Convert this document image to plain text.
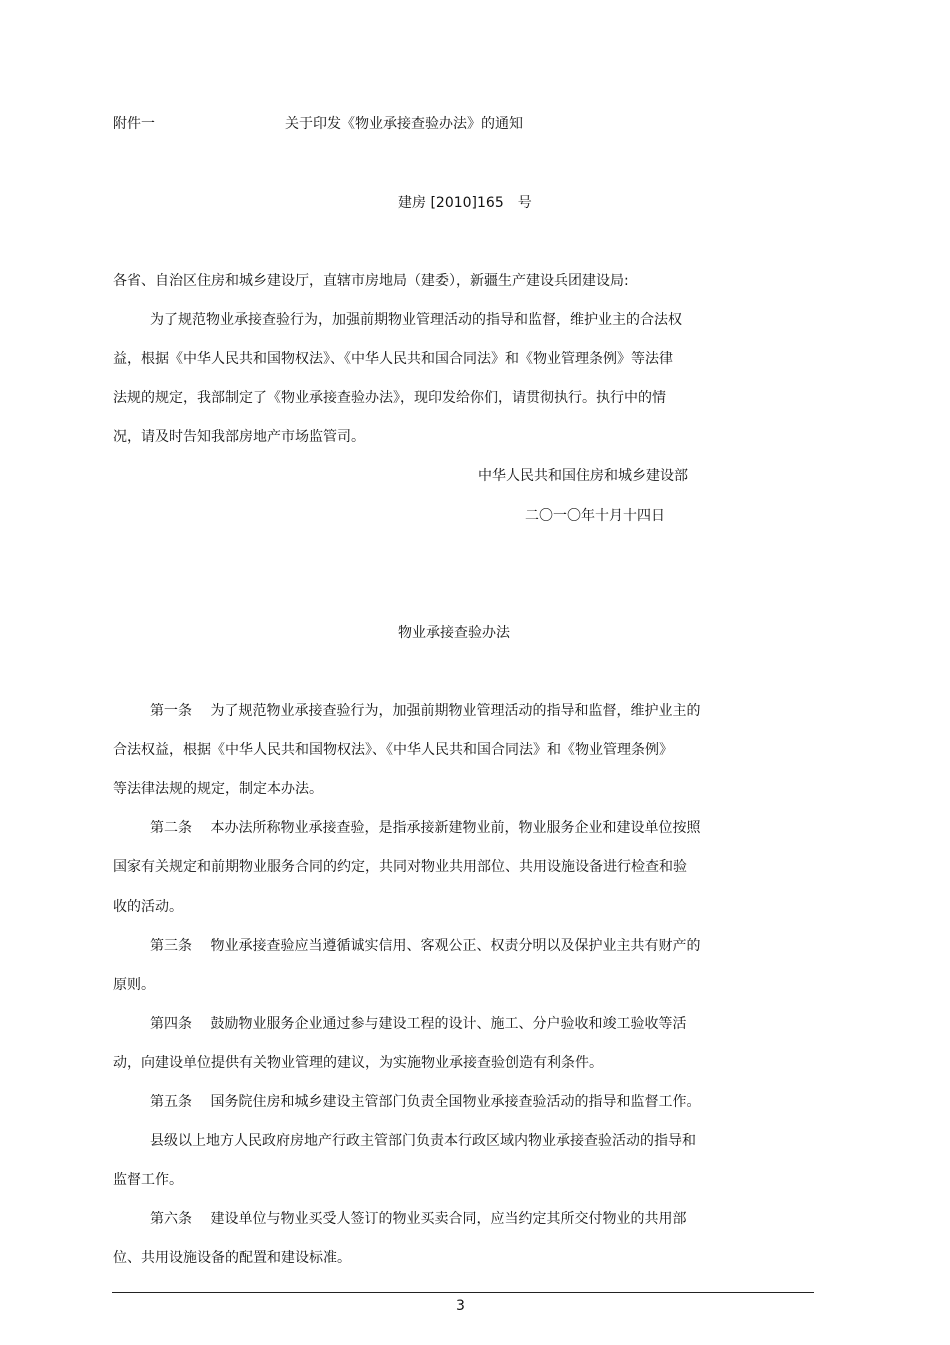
附件一	关于印发《物业承接查验办法》的通知
建房 [2010]165　号
各省、自治区住房和城乡建设厅，直辖市房地局（建委），新疆生产建设兵团建设局:
为了规范物业承接查验行为，加强前期物业管理活动的指导和监督，维护业主的合法权
益，根据《中华人民共和国物权法》、《中华人民共和国合同法》和《物业管理条例》等法律
法规的规定，我部制定了《物业承接查验办法》，现印发给你们，请贯彻执行。执行中的情
况，请及时告知我部房地产市场监管司。
中华人民共和国住房和城乡建设部
二〇一〇年十月十四日
物业承接查验办法
第一条　 为了规范物业承接查验行为，加强前期物业管理活动的指导和监督，维护业主的
合法权益，根据《中华人民共和国物权法》、《中华人民共和国合同法》和《物业管理条例》
等法律法规的规定，制定本办法。
第二条　 本办法所称物业承接查验，是指承接新建物业前，物业服务企业和建设单位按照
国家有关规定和前期物业服务合同的约定，共同对物业共用部位、共用设施设备进行检查和验
收的活动。
第三条　 物业承接查验应当遵循诚实信用、客观公正、权责分明以及保护业主共有财产的
原则。
第四条　 鼓励物业服务企业通过参与建设工程的设计、施工、分户验收和竣工验收等活
动，向建设单位提供有关物业管理的建议，为实施物业承接查验创造有利条件。
第五条　 国务院住房和城乡建设主管部门负责全国物业承接查验活动的指导和监督工作。
县级以上地方人民政府房地产行政主管部门负责本行政区域内物业承接查验活动的指导和
监督工作。
第六条　 建设单位与物业买受人签订的物业买卖合同，应当约定其所交付物业的共用部
位、共用设施设备的配置和建设标准。
3
